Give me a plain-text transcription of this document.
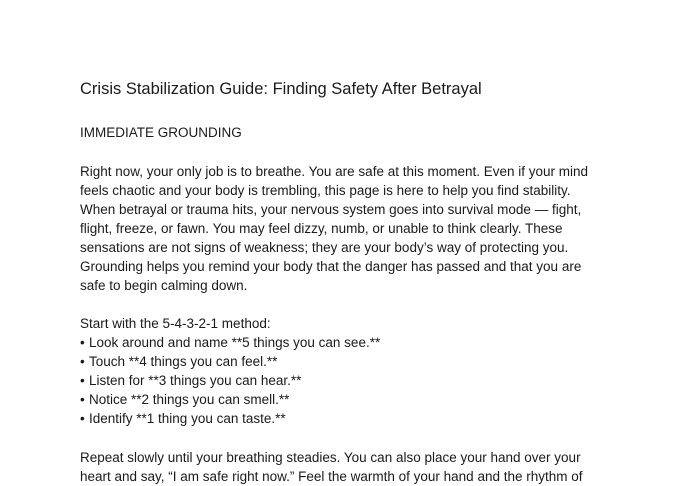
Crisis Stabilization Guide: Finding Safety After Betrayal
IMMEDIATE GROUNDING

Right now, your only job is to breathe. You are safe at this moment. Even if your mind
feels chaotic and your body is trembling, this page is here to help you find stability.
When betrayal or trauma hits, your nervous system goes into survival mode — fight,
flight, freeze, or fawn. You may feel dizzy, numb, or unable to think clearly. These
sensations are not signs of weakness; they are your body’s way of protecting you.
Grounding helps you remind your body that the danger has passed and that you are
safe to begin calming down.

Start with the 5-4-3-2-1 method:
• Look around and name **5 things you can see.**
• Touch **4 things you can feel.**
• Listen for **3 things you can hear.**
• Notice **2 things you can smell.**
• Identify **1 thing you can taste.**

Repeat slowly until your breathing steadies. You can also place your hand over your
heart and say, “I am safe right now.” Feel the warmth of your hand and the rhythm of
